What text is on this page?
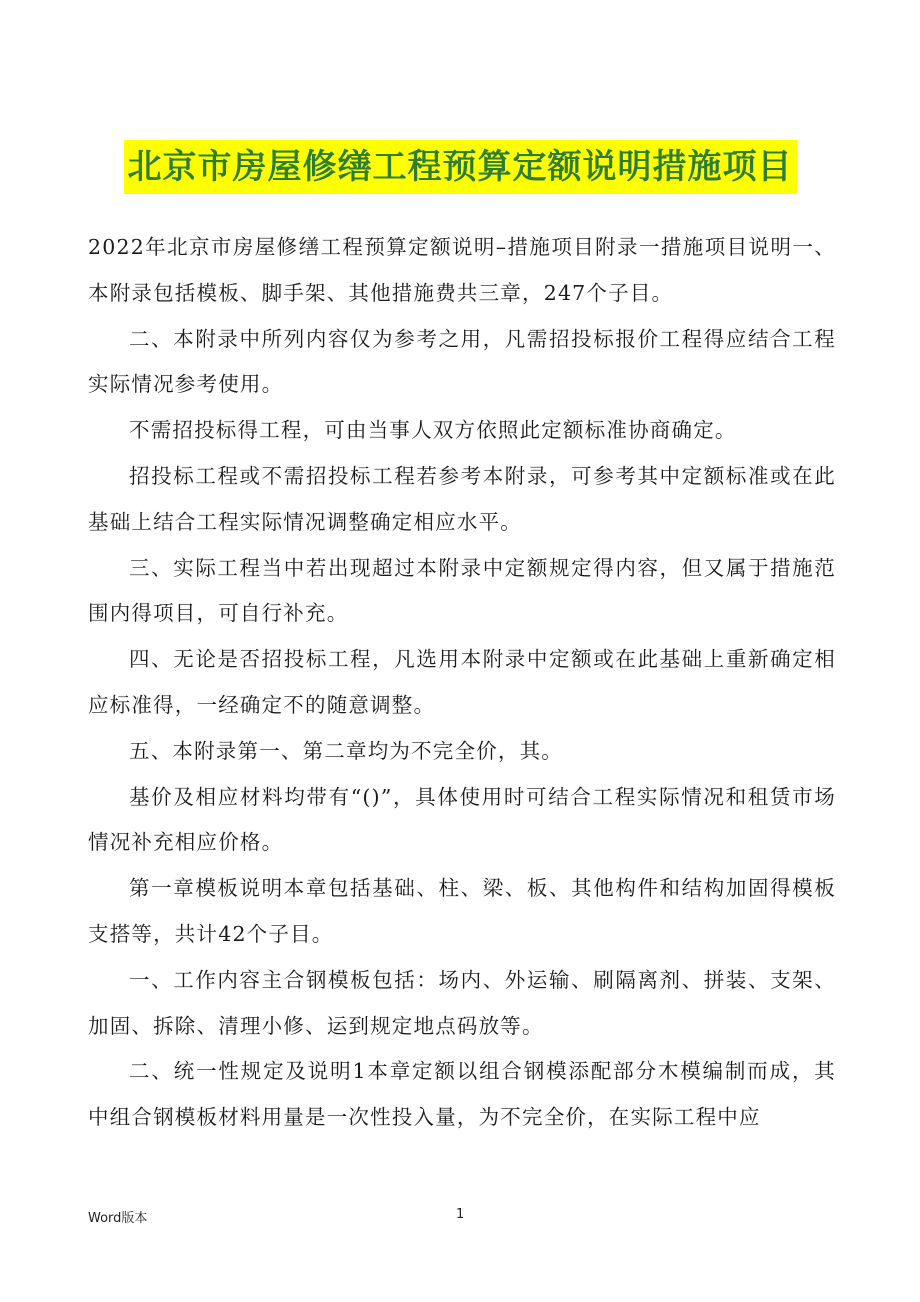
北京市房屋修缮工程预算定额说明措施项目

2022年北京市房屋修缮工程预算定额说明–措施项目附录一措施项目说明一、本附录包括模板、脚手架、其他措施费共三章，247个子目。

二、本附录中所列内容仅为参考之用，凡需招投标报价工程得应结合工程实际情况参考使用。

不需招投标得工程，可由当事人双方依照此定额标准协商确定。

招投标工程或不需招投标工程若参考本附录，可参考其中定额标准或在此基础上结合工程实际情况调整确定相应水平。

三、实际工程当中若出现超过本附录中定额规定得内容，但又属于措施范围内得项目，可自行补充。

四、无论是否招投标工程，凡选用本附录中定额或在此基础上重新确定相应标准得，一经确定不的随意调整。

五、本附录第一、第二章均为不完全价，其。

基价及相应材料均带有“()”，具体使用时可结合工程实际情况和租赁市场情况补充相应价格。

第一章模板说明本章包括基础、柱、梁、板、其他构件和结构加固得模板支搭等，共计42个子目。

一、工作内容主合钢模板包括：场内、外运输、刷隔离剂、拼装、支架、加固、拆除、清理小修、运到规定地点码放等。

二、统一性规定及说明1本章定额以组合钢模添配部分木模编制而成，其中组合钢模板材料用量是一次性投入量，为不完全价，在实际工程中应

Word版本	1
